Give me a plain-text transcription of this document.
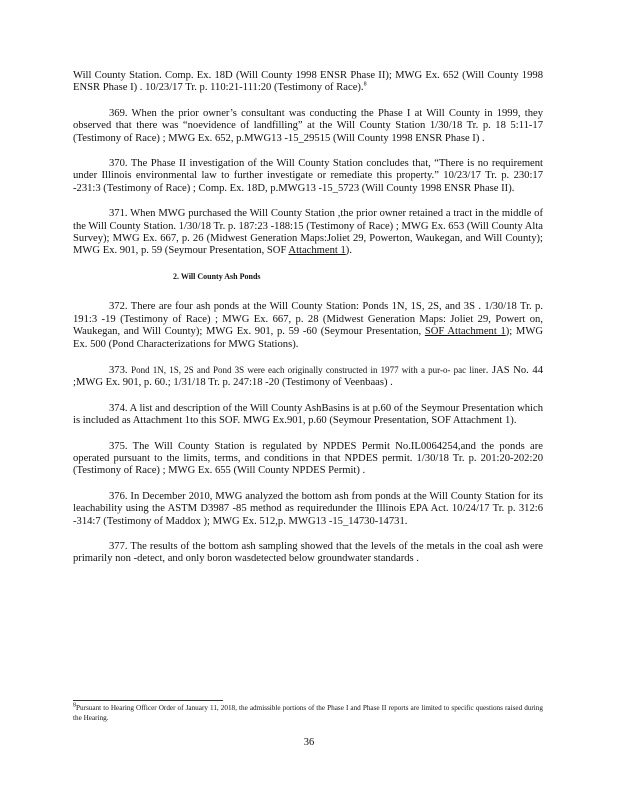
Will County Station. Comp. Ex. 18D (Will County 1998 ENSR Phase II); MWG Ex. 652 (Will County 1998 ENSR Phase I) . 10/23/17 Tr. p. 110:21-111:20 (Testimony of Race).$^8$

369. When the prior owner’s consultant was conducting the Phase I at Will County in 1999, they observed that there was “noevidence of landfilling” at the Will County Station 1/30/18 Tr. p. 18 5:11-17 (Testimony of Race) ; MWG Ex. 652, p.MWG13 -15_29515 (Will County 1998 ENSR Phase I) .

370. The Phase II investigation of the Will County Station concludes that, “There is no requirement under Illinois environmental law to further investigate or remediate this property.” 10/23/17 Tr. p. 230:17 -231:3 (Testimony of Race) ; Comp. Ex. 18D, p.MWG13 -15_5723 (Will County 1998 ENSR Phase II).

371. When MWG purchased the Will County Station ,the prior owner retained a tract in the middle of the Will County Station. 1/30/18 Tr. p. 187:23 -188:15 (Testimony of Race) ; MWG Ex. 653 (Will County Alta Survey); MWG Ex. 667, p. 26 (Midwest Generation Maps:Joliet 29, Powerton, Waukegan, and Will County); MWG Ex. 901, p. 59 (Seymour Presentation, SOF Attachment 1).

2. Will County Ash Ponds

372. There are four ash ponds at the Will County Station: Ponds 1N, 1S, 2S, and 3S . 1/30/18 Tr. p. 191:3 -19 (Testimony of Race) ; MWG Ex. 667, p. 28 (Midwest Generation Maps: Joliet 29, Powert on, Waukegan, and Will County); MWG Ex. 901, p. 59 -60 (Seymour Presentation, SOF Attachment 1); MWG Ex. 500 (Pond Characterizations for MWG Stations).

373. Pond 1N, 1S, 2S and Pond 3S were each originally constructed in 1977 with a pur-o- pac liner. JAS No. 44 ;MWG Ex. 901, p. 60.; 1/31/18 Tr. p. 247:18 -20 (Testimony of Veenbaas) .

374. A list and description of the Will County AshBasins is at p.60 of the Seymour Presentation which is included as Attachment 1to this SOF. MWG Ex.901, p.60 (Seymour Presentation, SOF Attachment 1).

375. The Will County Station is regulated by NPDES Permit No.IL0064254,and the ponds are operated pursuant to the limits, terms, and conditions in that NPDES permit. 1/30/18 Tr. p. 201:20-202:20 (Testimony of Race) ; MWG Ex. 655 (Will County NPDES Permit) .

376. In December 2010, MWG analyzed the bottom ash from ponds at the Will County Station for its leachability using the ASTM D3987 -85 method as requiredunder the Illinois EPA Act. 10/24/17 Tr. p. 312:6 -314:7 (Testimony of Maddox ); MWG Ex. 512,p. MWG13 -15_14730-14731.

377. The results of the bottom ash sampling showed that the levels of the metals in the coal ash were primarily non -detect, and only boron wasdetected below groundwater standards .

$^8$Pursuant to Hearing Officer Order of January 11, 2018, the admissible portions of the Phase I and Phase II reports are limited to specific questions raised during the Hearing.
36
